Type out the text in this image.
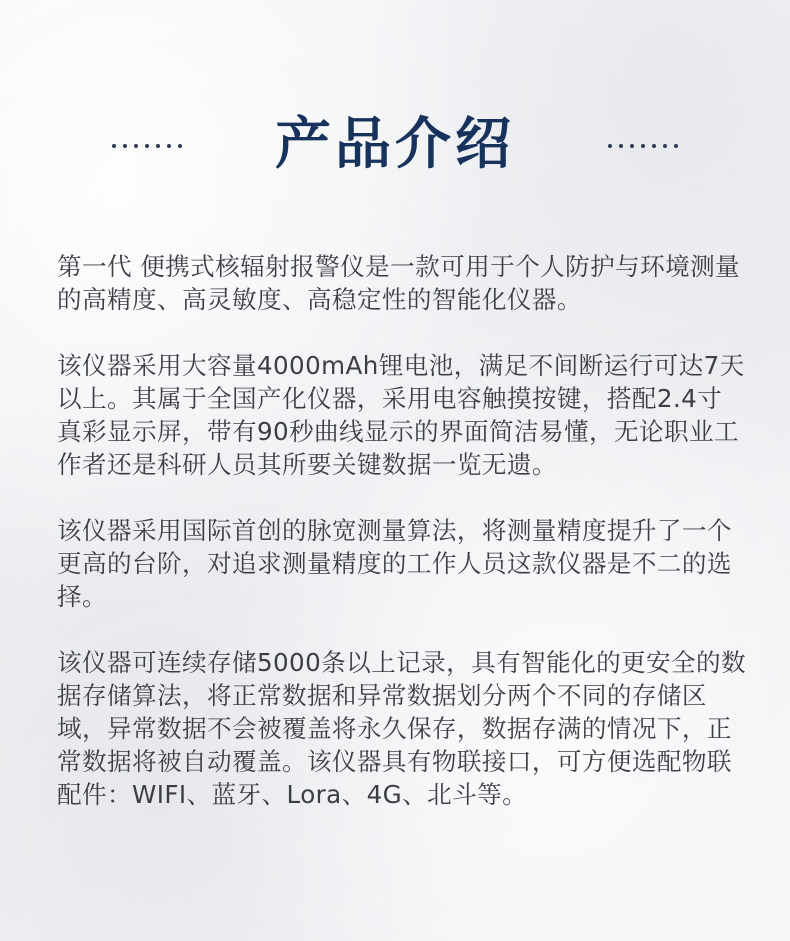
产品介绍

第一代 便携式核辐射报警仪是一款可用于个人防护与环境测量的高精度、高灵敏度、高稳定性的智能化仪器。

该仪器采用大容量4000mAh锂电池，满足不间断运行可达7天以上。其属于全国产化仪器，采用电容触摸按键，搭配2.4寸真彩显示屏，带有90秒曲线显示的界面简洁易懂，无论职业工作者还是科研人员其所要关键数据一览无遗。

该仪器采用国际首创的脉宽测量算法，将测量精度提升了一个更高的台阶，对追求测量精度的工作人员这款仪器是不二的选择。

该仪器可连续存储5000条以上记录，具有智能化的更安全的数据存储算法，将正常数据和异常数据划分两个不同的存储区域，异常数据不会被覆盖将永久保存，数据存满的情况下，正常数据将被自动覆盖。该仪器具有物联接口，可方便选配物联配件：WIFI、蓝牙、Lora、4G、北斗等。
